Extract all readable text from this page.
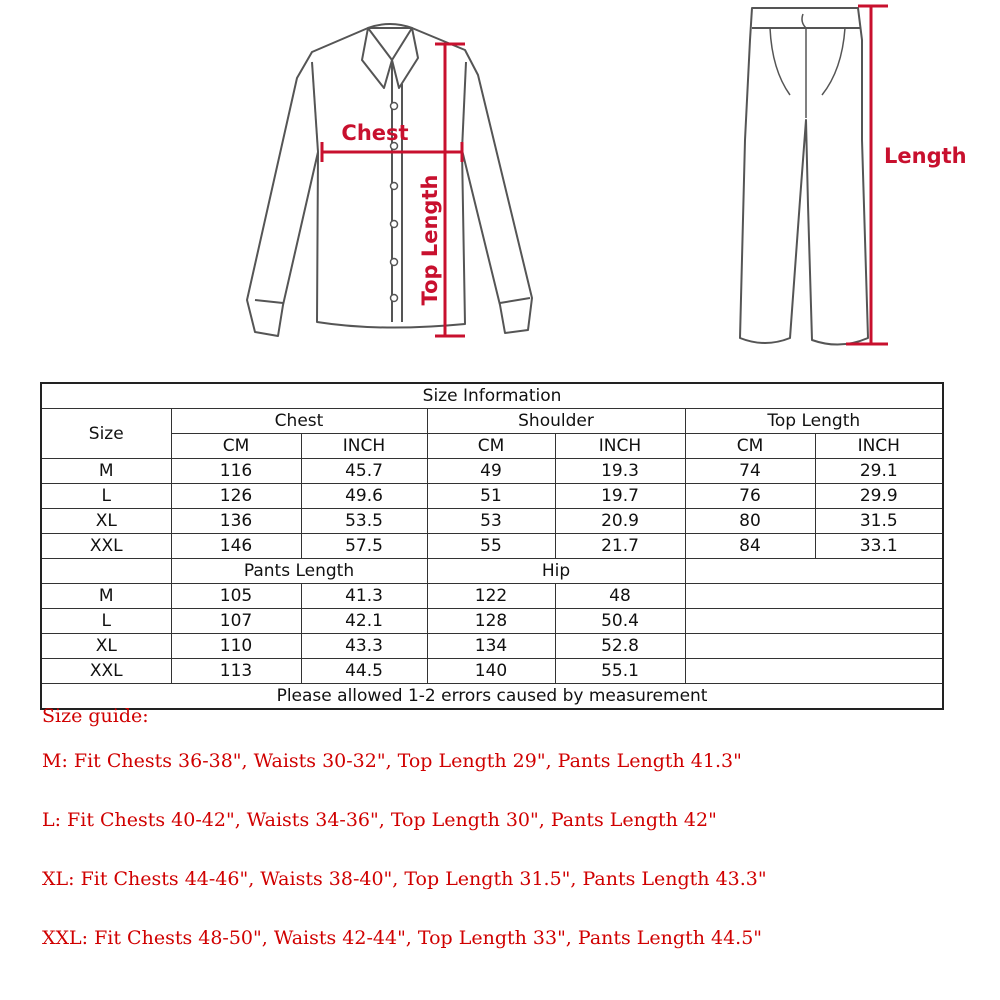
Chest
Top Length
Length
Size Information						
Size	Chest		Shoulder		Top Length	
	CM	INCH	CM	INCH	CM	INCH
M	116	45.7	49	19.3	74	29.1
L	126	49.6	51	19.7	76	29.9
XL	136	53.5	53	20.9	80	31.5
XXL	146	57.5	55	21.7	84	33.1
	Pants Length		Hip			
M	105	41.3	122	48		
L	107	42.1	128	50.4		
XL	110	43.3	134	52.8		
XXL	113	44.5	140	55.1		
Please allowed 1-2 errors caused by measurement						

Size guide:

M: Fit Chests 36-38", Waists 30-32", Top Length 29", Pants Length 41.3"

L: Fit Chests 40-42", Waists 34-36", Top Length 30", Pants Length 42"

XL: Fit Chests 44-46", Waists 38-40", Top Length 31.5", Pants Length 43.3"

XXL: Fit Chests 48-50", Waists 42-44", Top Length 33", Pants Length 44.5"
